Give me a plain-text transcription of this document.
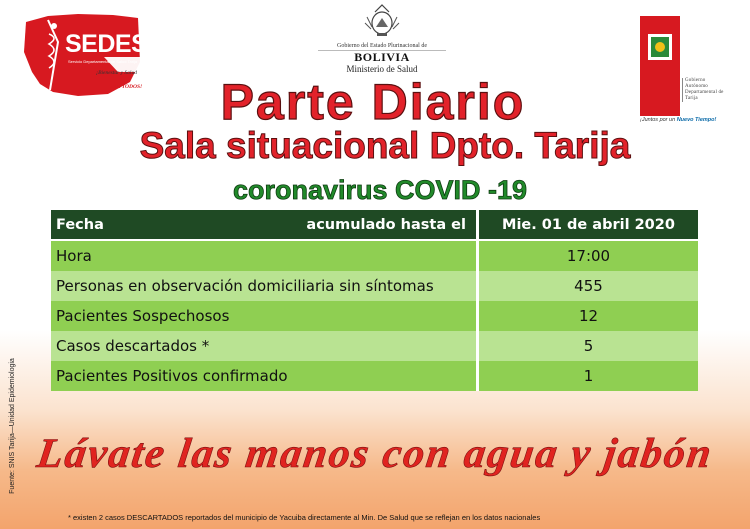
SEDES
Servicio Departamental de Salud Tarija
¡Bienestar y Salud
para TODOS!
Gobierno del Estado Plurinacional de
BOLIVIA
Ministerio de Salud
Gobierno Autónomo Departamental de Tarija
¡Juntos por un Nuevo Tiempo!
Parte Diario
Sala situacional Dpto. Tarija
coronavirus COVID -19
Fecha	acumulado hasta el	Mie. 01 de abril 2020
Hora	17:00
Personas en observación domiciliaria sin síntomas	455
Pacientes Sospechosos	12
Casos descartados *	5
Pacientes Positivos confirmado	1
Lávate las manos con agua y jabón
* existen 2 casos DESCARTADOS reportados del municipio de Yacuiba directamente al Min. De Salud que se reflejan en los datos nacionales
Fuente: SNIS Tarija—Unidad Epidemiologia
